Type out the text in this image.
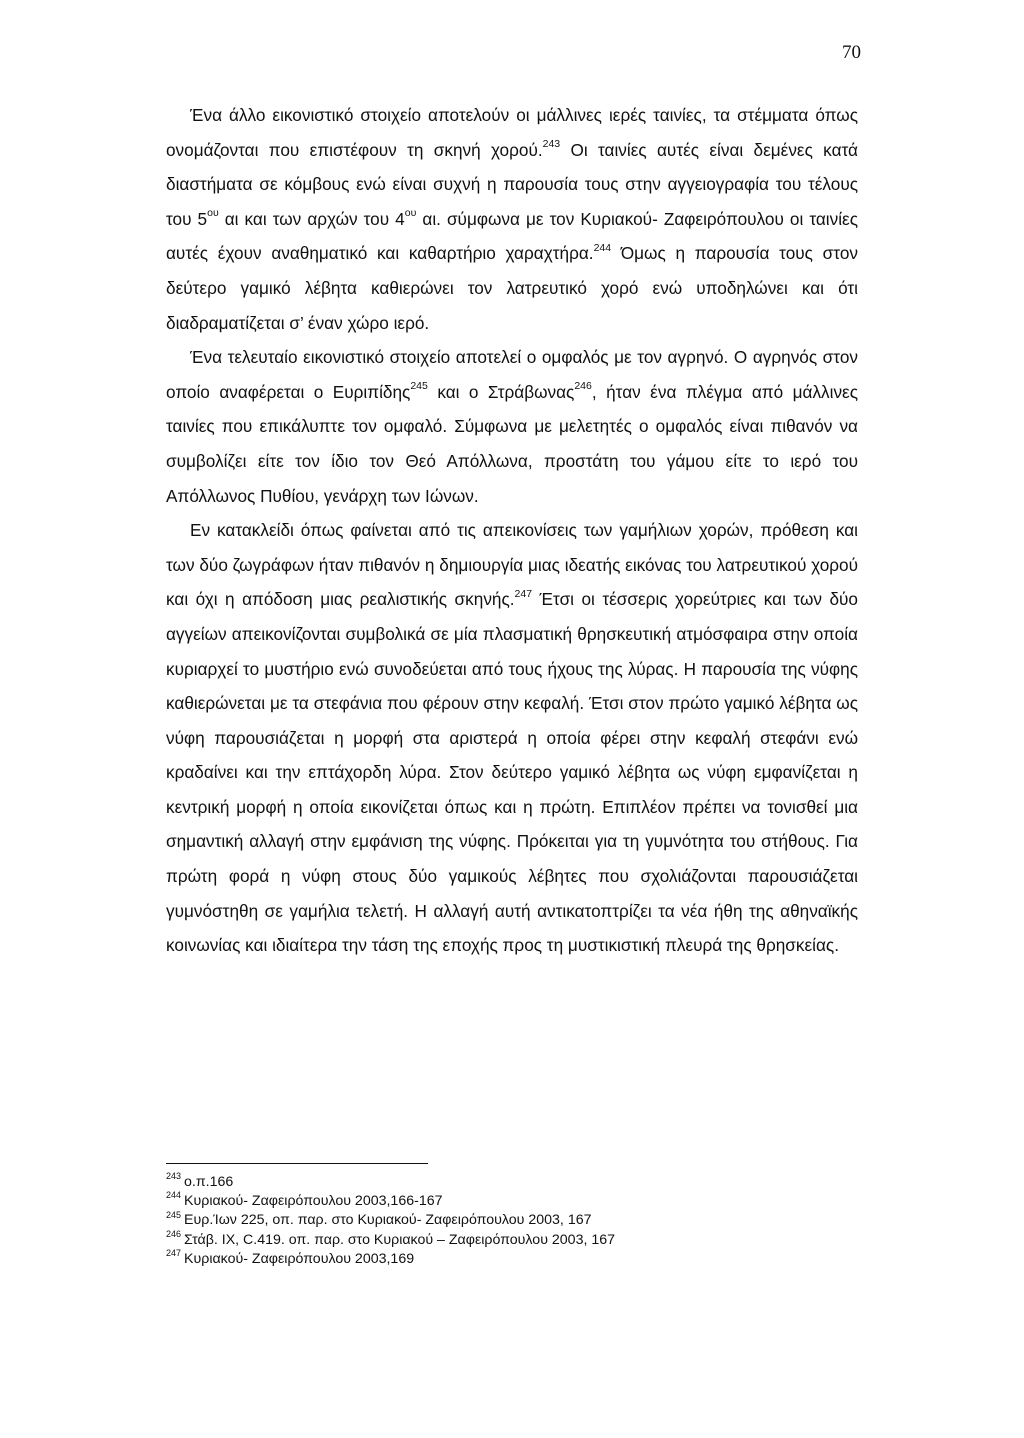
70

Ένα άλλο εικονιστικό στοιχείο αποτελούν οι μάλλινες ιερές ταινίες, τα στέμματα όπως ονομάζονται που επιστέφουν τη σκηνή χορού.$^{243}$ Οι ταινίες αυτές είναι δεμένες κατά διαστήματα σε κόμβους ενώ είναι συχνή η παρουσία τους στην αγγειογραφία του τέλους του $5^{o\upsilon}$ αι και των αρχών του $4^{o\upsilon}$ αι. σύμφωνα με τον Κυριακού- Ζαφειρόπουλου οι ταινίες αυτές έχουν αναθηματικό και καθαρτήριο χαραχτήρα.$^{244}$ Όμως η παρουσία τους στον δεύτερο γαμικό λέβητα καθιερώνει τον λατρευτικό χορό ενώ υποδηλώνει και ότι διαδραματίζεται σ’ έναν χώρο ιερό.

Ένα τελευταίο εικονιστικό στοιχείο αποτελεί ο ομφαλός με τον αγρηνό. Ο αγρηνός στον οποίο αναφέρεται ο Ευριπίδης$^{245}$ και ο Στράβωνας$^{246}$, ήταν ένα πλέγμα από μάλλινες ταινίες που επικάλυπτε τον ομφαλό. Σύμφωνα με μελετητές ο ομφαλός είναι πιθανόν να συμβολίζει είτε τον ίδιο τον Θεό Απόλλωνα, προστάτη του γάμου είτε το ιερό του Απόλλωνος Πυθίου, γενάρχη των Ιώνων.

Εν κατακλείδι όπως φαίνεται από τις απεικονίσεις των γαμήλιων χορών, πρόθεση και των δύο ζωγράφων ήταν πιθανόν η δημιουργία μιας ιδεατής εικόνας του λατρευτικού χορού και όχι η απόδοση μιας ρεαλιστικής σκηνής.$^{247}$ Έτσι οι τέσσερις χορεύτριες και των δύο αγγείων απεικονίζονται συμβολικά σε μία πλασματική θρησκευτική ατμόσφαιρα στην οποία κυριαρχεί το μυστήριο ενώ συνοδεύεται από τους ήχους της λύρας. Η παρουσία της νύφης καθιερώνεται με τα στεφάνια που φέρουν στην κεφαλή. Έτσι στον πρώτο γαμικό λέβητα ως νύφη παρουσιάζεται η μορφή στα αριστερά η οποία φέρει στην κεφαλή στεφάνι ενώ κραδαίνει και την επτάχορδη λύρα. Στον δεύτερο γαμικό λέβητα ως νύφη εμφανίζεται η κεντρική μορφή η οποία εικονίζεται όπως και η πρώτη. Επιπλέον πρέπει να τονισθεί μια σημαντική αλλαγή στην εμφάνιση της νύφης. Πρόκειται για τη γυμνότητα του στήθους. Για πρώτη φορά η νύφη στους δύο γαμικούς λέβητες που σχολιάζονται παρουσιάζεται γυμνόστηθη σε γαμήλια τελετή. Η αλλαγή αυτή αντικατοπτρίζει τα νέα ήθη της αθηναϊκής κοινωνίας και ιδιαίτερα την τάση της εποχής προς τη μυστικιστική πλευρά της θρησκείας.

$^{243}$ ο.π.166

$^{244}$ Κυριακού- Ζαφειρόπουλου 2003,166-167

$^{245}$ Ευρ.Ίων 225, οπ. παρ. στο Κυριακού- Ζαφειρόπουλου 2003, 167

$^{246}$ Στάβ. IX, C.419. οπ. παρ. στο Κυριακού – Ζαφειρόπουλου 2003, 167

$^{247}$ Κυριακού- Ζαφειρόπουλου 2003,169
